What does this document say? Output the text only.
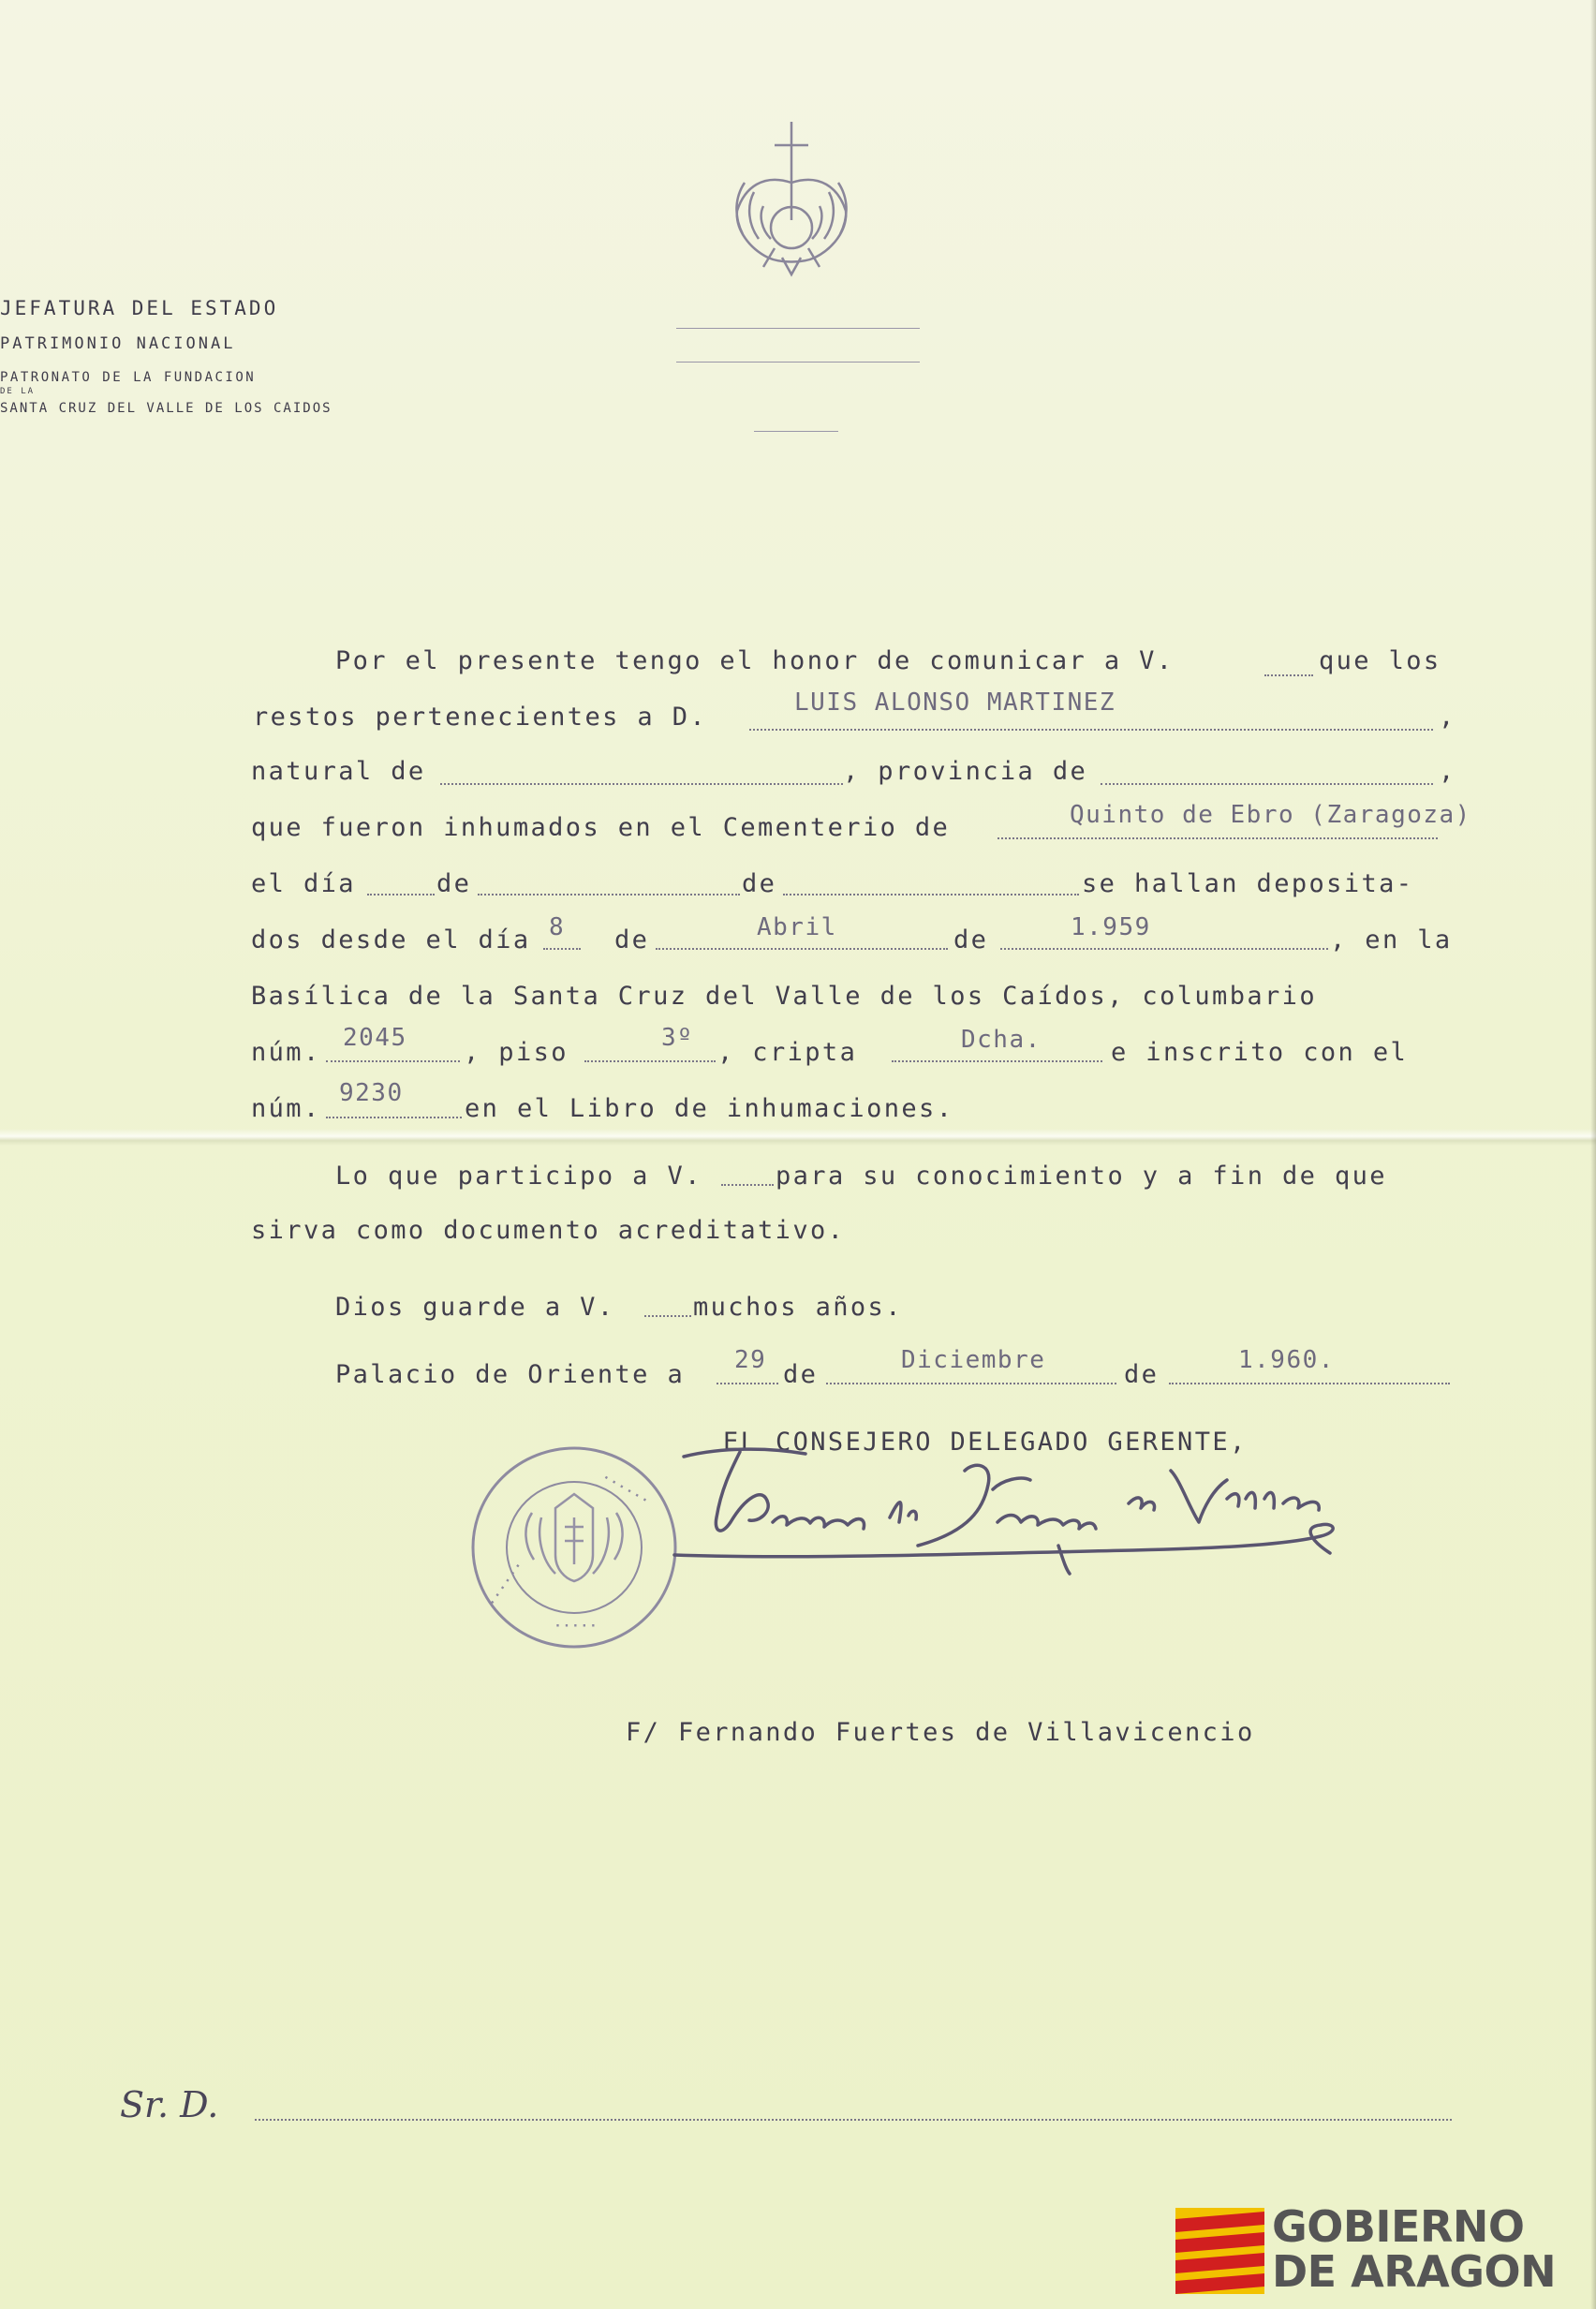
JEFATURA DEL ESTADO
PATRIMONIO NACIONAL
PATRONATO DE LA FUNDACION
DE LA
SANTA CRUZ DEL VALLE DE LOS CAIDOS
Por el presente tengo el honor de comunicar a V.	que los
restos pertenecientes a D.	LUIS ALONSO MARTINEZ	,
natural de	, provincia de	,
que fueron inhumados en el Cementerio de	Quinto de Ebro (Zaragoza)
el día	de	de	se hallan deposita-
dos desde el día 8 de	Abril	de	1.959	, en la
Basílica de la Santa Cruz del Valle de los Caídos, columbario
núm. 2045 , piso	3º , cripta	Dcha.	e inscrito con el
núm.
9230
en el Libro de inhumaciones.
Lo que participo a V.	para su conocimiento y a fin de que
sirva como documento acreditativo.
Dios guarde a V.	muchos años.
Palacio de Oriente a 29 de	Diciembre	de	1.960.
EL CONSEJERO DELEGADO GERENTE,
· · · · · ·
· · · · · ·
· · · · ·
F/ Fernando Fuertes de Villavicencio
Sr. D.
GOBIERNO
DE ARAGON
